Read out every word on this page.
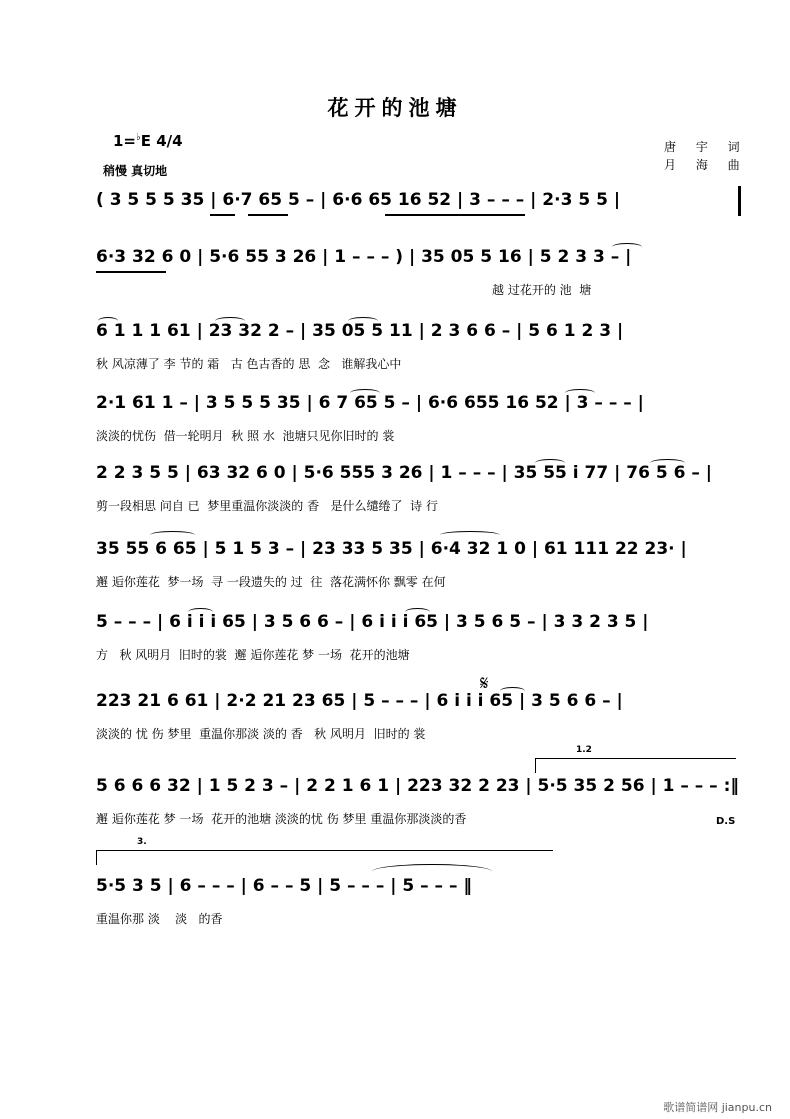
花开的池塘
1=♭E 4/4
稍慢 真切地
唐 宇 词
月 海 曲
( 3 5 5 5 35 | 6·7 65 5 – | 6·6 65 16 52 | 3 – – – | 2·3 5 5 |
6·3 32 6 0 | 5·6 55 3 26 | 1 – – – ) | 35 05 5 16 | 5 2 3 3 – |
越 过花开的 池  塘
6 1 1 1 61 | 23 32 2 – | 35 05 5 11 | 2 3 6 6 – | 5 6 1 2 3 |
秋 风凉薄了 李 节的 霜   古 色古香的 思  念   谁解我心中
2·1 61 1 – | 3 5 5 5 35 | 6 7 65 5 – | 6·6 655 16 52 | 3 – – – |
淡淡的忧伤  借一轮明月  秋 照 水  池塘只见你旧时的 裳
2 2 3 5 5 | 63 32 6 0 | 5·6 555 3 26 | 1 – – – | 35 55 i 77 | 76 5 6 – |
剪一段相思 问自 已  梦里重温你淡淡的 香   是什么缱绻了  诗 行
35 55 6 65 | 5 1 5 3 – | 23 33 5 35 | 6·4 32 1 0 | 61 111 22 23· |
邂 逅你莲花  梦一场  寻 一段遗失的 过  往  落花满怀你 飘零 在何
5 – – – | 6 i i i 65 | 3 5 6 6 – | 6 i i i 65 | 3 5 6 5 – | 3 3 2 3 5 |
方   秋 风明月  旧时的裳  邂 逅你莲花 梦 一场  花开的池塘
223 21 6 61 | 2·2 21 23 65 | 5 – – – | 6 i i i 65 | 3 5 6 6 – |
淡淡的 忧 伤 梦里  重温你那淡 淡的 香   秋 风明月  旧时的 裳
𝄋
1.2
5 6 6 6 32 | 1 5 2 3 – | 2 2 1 6 1 | 223 32 2 23 | 5·5 35 2 56 | 1 – – – :‖
邂 逅你莲花 梦 一场  花开的池塘 淡淡的忧 伤 梦里 重温你那淡淡的香	D.S
3.
5·5 3 5 | 6 – – – | 6 – – 5 | 5 – – – | 5 – – – ‖
重温你那 淡    淡   的香
歌谱简谱网 jianpu.cn
